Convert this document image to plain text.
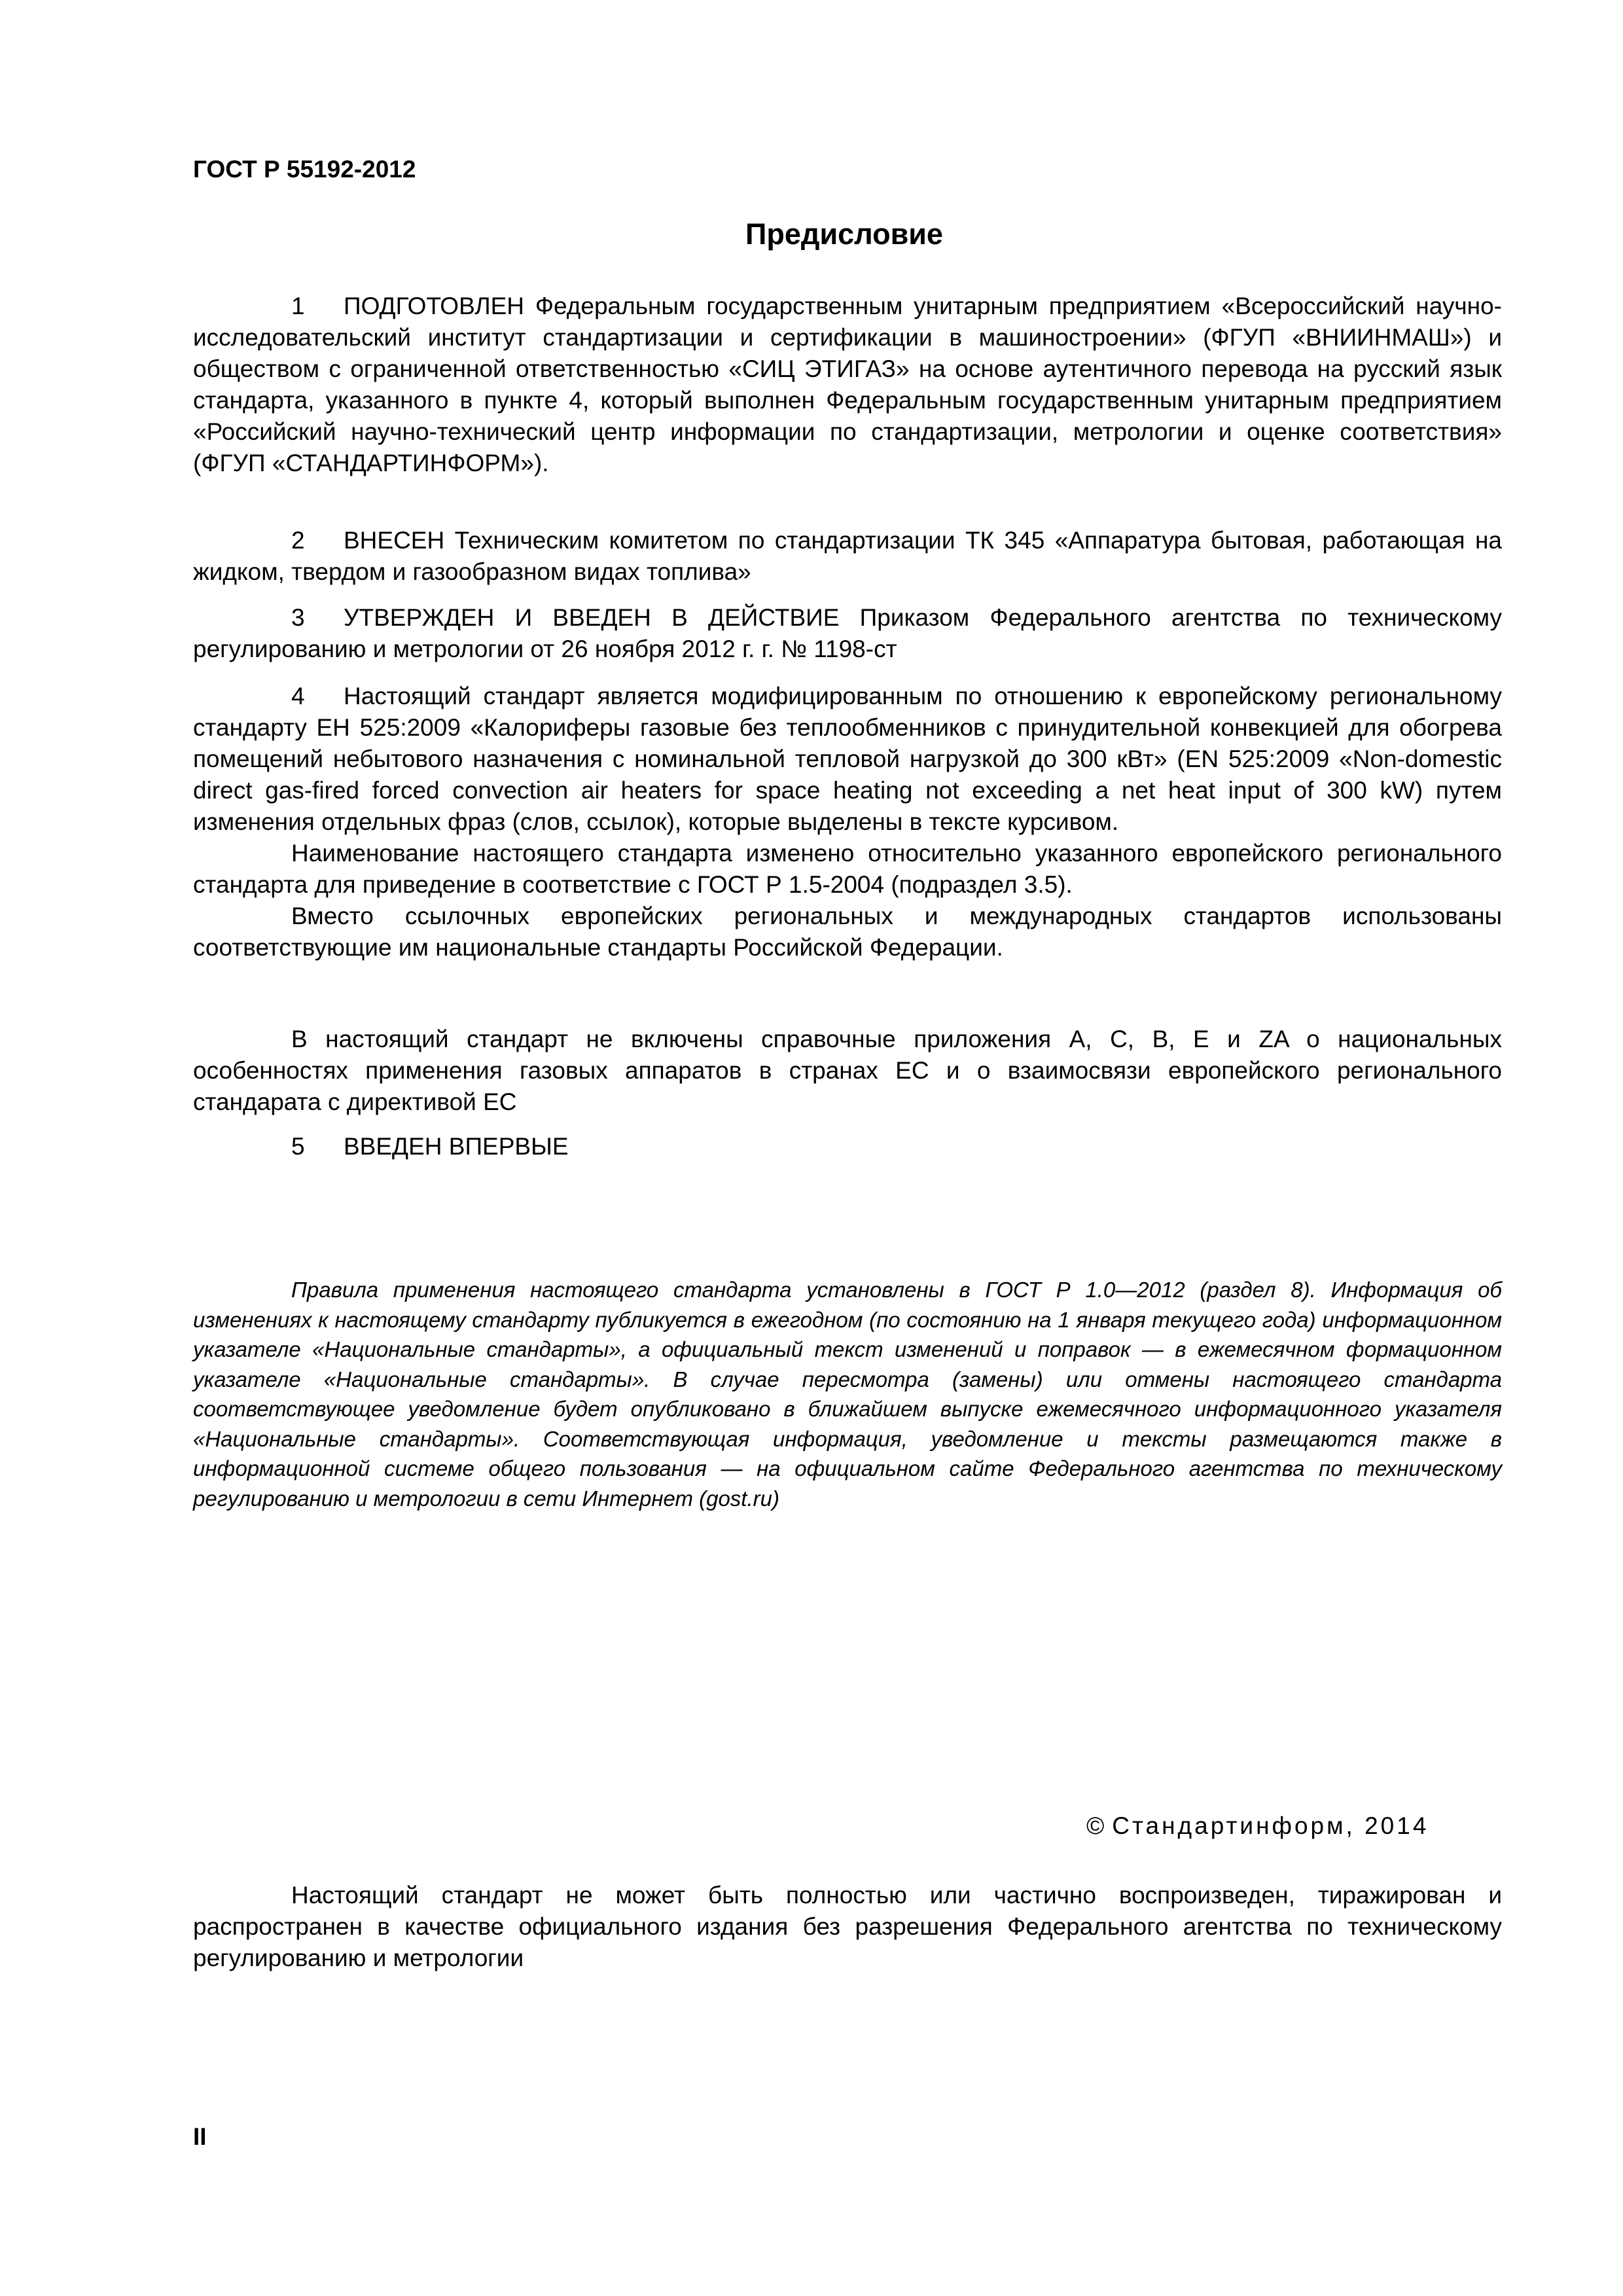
ГОСТ Р 55192-2012
Предисловие

1 ПОДГОТОВЛЕН Федеральным государственным унитарным предприятием «Всероссийский научно-исследовательский институт стандартизации и сертификации в машиностроении» (ФГУП «ВНИИНМАШ») и обществом с ограниченной ответственностью «СИЦ ЭТИГАЗ» на основе аутентичного перевода на русский язык стандарта, указанного в пункте 4, который выполнен Федеральным государственным унитарным предприятием «Российский научно-технический центр информации по стандартизации, метрологии и оценке соответствия» (ФГУП «СТАНДАРТИНФОРМ»).

2 ВНЕСЕН Техническим комитетом по стандартизации ТК 345 «Аппаратура бытовая, работающая на жидком, твердом и газообразном видах топлива»

3 УТВЕРЖДЕН И ВВЕДЕН В ДЕЙСТВИЕ Приказом Федерального агентства по техническому регулированию и метрологии от 26 ноября 2012 г. г. № 1198-ст

4 Настоящий стандарт является модифицированным по отношению к европейскому региональному стандарту ЕН 525:2009 «Калориферы газовые без теплообменников с принудительной конвекцией для обогрева помещений небытового назначения с номинальной тепловой нагрузкой до 300 кВт» (EN 525:2009 «Non-domestic direct gas-fired forced convection air heaters for space heating not exceeding a net heat input of 300 kW) путем изменения отдельных фраз (слов, ссылок), которые выделены в тексте курсивом.

Наименование настоящего стандарта изменено относительно указанного европейского регионального стандарта для приведение в соответствие с ГОСТ Р 1.5-2004 (подраздел 3.5).

Вместо ссылочных европейских региональных и международных стандартов использованы соответствующие им национальные стандарты Российской Федерации.

В настоящий стандарт не включены справочные приложения А, С, В, Е и ZA о национальных особенностях применения газовых аппаратов в странах ЕС и о взаимосвязи европейского регионального стандарата с директивой ЕС

5 ВВЕДЕН ВПЕРВЫЕ

Правила применения настоящего стандарта установлены в ГОСТ Р 1.0—2012 (раздел 8). Информация об изменениях к настоящему стандарту публикуется в ежегодном (по состоянию на 1 января текущего года) информационном указателе «Национальные стандарты», а официальный текст изменений и поправок — в ежемесячном формационном указателе «Национальные стандарты». В случае пересмотра (замены) или отмены настоящего стандарта соответствующее уведомление будет опубликовано в ближайшем выпуске ежемесячного информационного указателя «Национальные стандарты». Соответствующая информация, уведомление и тексты размещаются также в информационной системе общего пользования — на официальном сайте Федерального агентства по техническому регулированию и метрологии в сети Интернет (gost.ru)

© Стандартинформ, 2014

Настоящий стандарт не может быть полностью или частично воспроизведен, тиражирован и распространен в качестве официального издания без разрешения Федерального агентства по техническому регулированию и метрологии

II
